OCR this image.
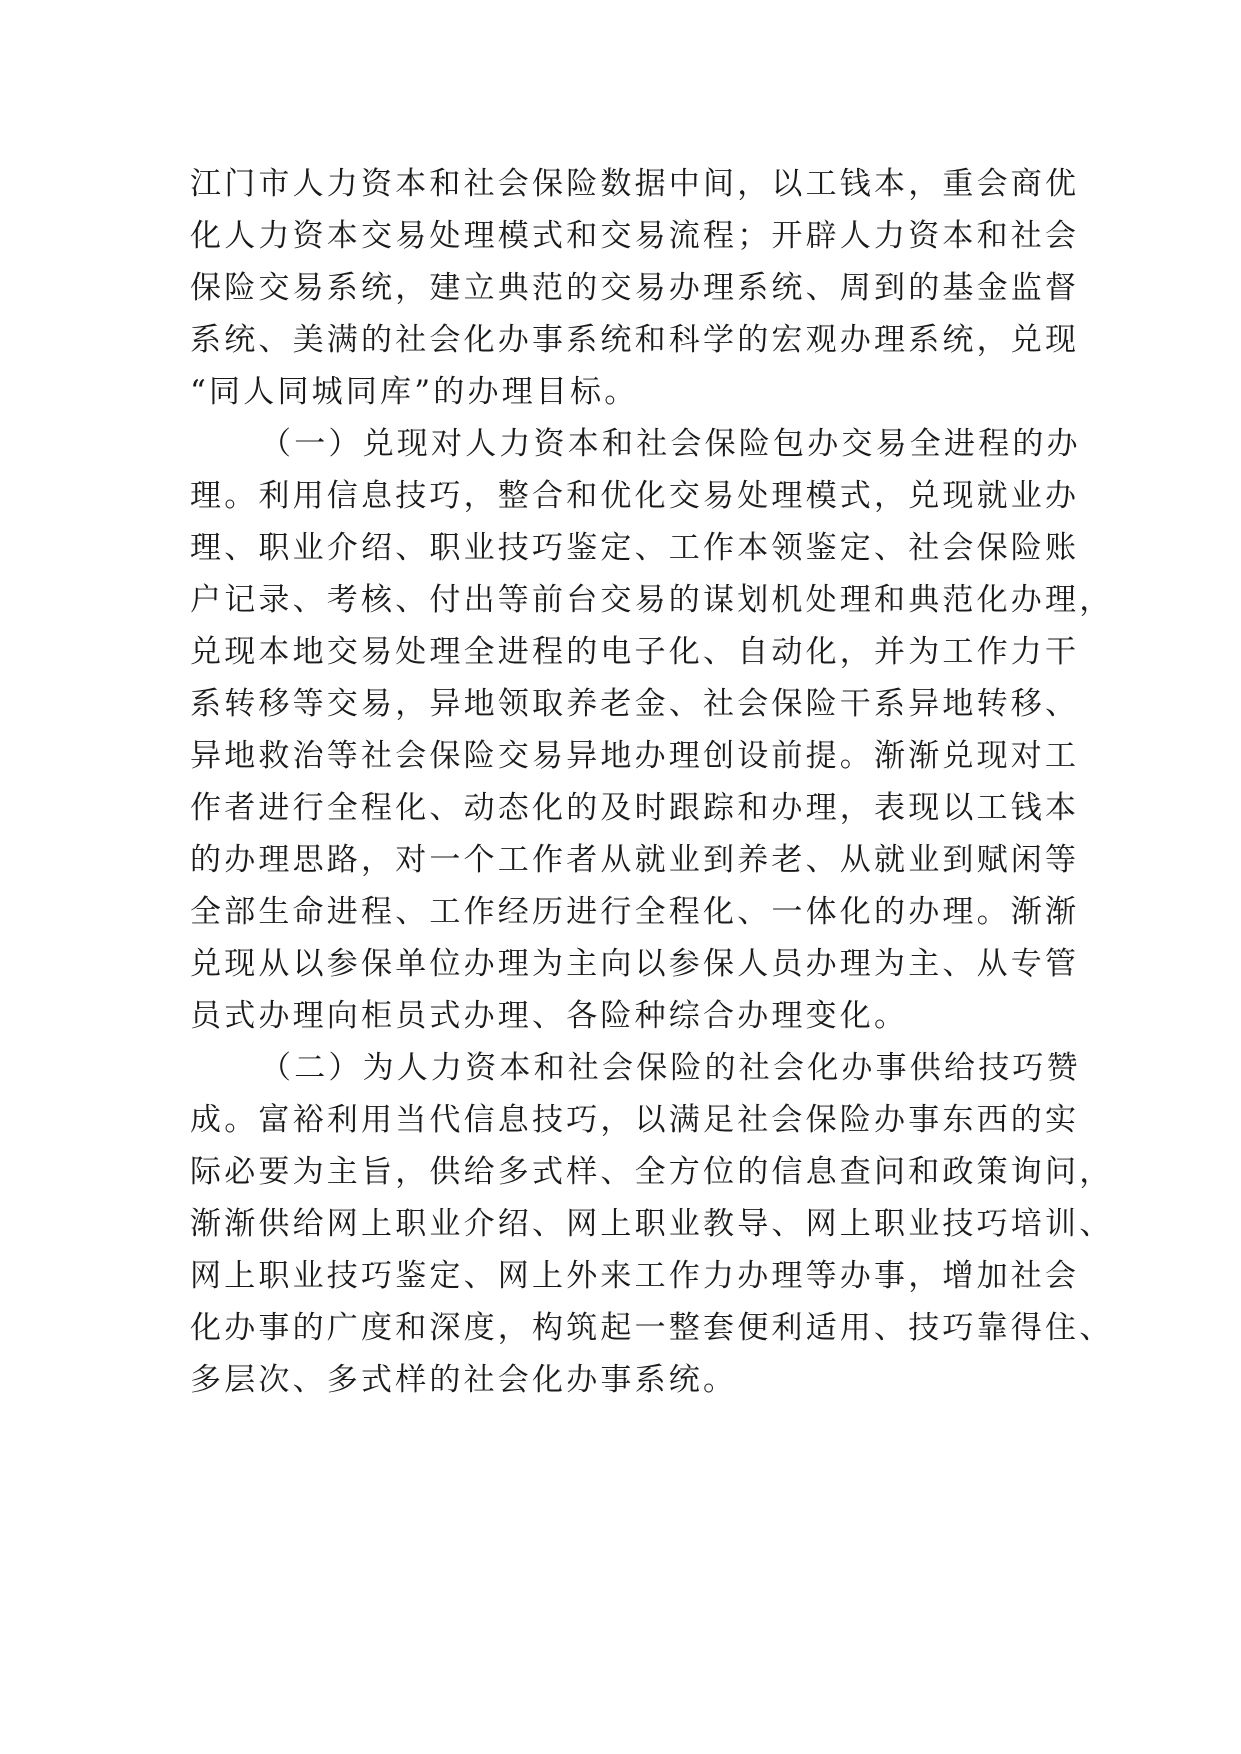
江门市人力资本和社会保险数据中间，以工钱本，重会商优
化人力资本交易处理模式和交易流程；开辟人力资本和社会
保险交易系统，建立典范的交易办理系统、周到的基金监督
系统、美满的社会化办事系统和科学的宏观办理系统，兑现
“同人同城同库”的办理目标。
（一）兑现对人力资本和社会保险包办交易全进程的办
理。利用信息技巧，整合和优化交易处理模式，兑现就业办
理、职业介绍、职业技巧鉴定、工作本领鉴定、社会保险账
户记录、考核、付出等前台交易的谋划机处理和典范化办理，
兑现本地交易处理全进程的电子化、自动化，并为工作力干
系转移等交易，异地领取养老金、社会保险干系异地转移、
异地救治等社会保险交易异地办理创设前提。渐渐兑现对工
作者进行全程化、动态化的及时跟踪和办理，表现以工钱本
的办理思路，对一个工作者从就业到养老、从就业到赋闲等
全部生命进程、工作经历进行全程化、一体化的办理。渐渐
兑现从以参保单位办理为主向以参保人员办理为主、从专管
员式办理向柜员式办理、各险种综合办理变化。
（二）为人力资本和社会保险的社会化办事供给技巧赞
成。富裕利用当代信息技巧，以满足社会保险办事东西的实
际必要为主旨，供给多式样、全方位的信息查问和政策询问，
渐渐供给网上职业介绍、网上职业教导、网上职业技巧培训、
网上职业技巧鉴定、网上外来工作力办理等办事，增加社会
化办事的广度和深度，构筑起一整套便利适用、技巧靠得住、
多层次、多式样的社会化办事系统。
